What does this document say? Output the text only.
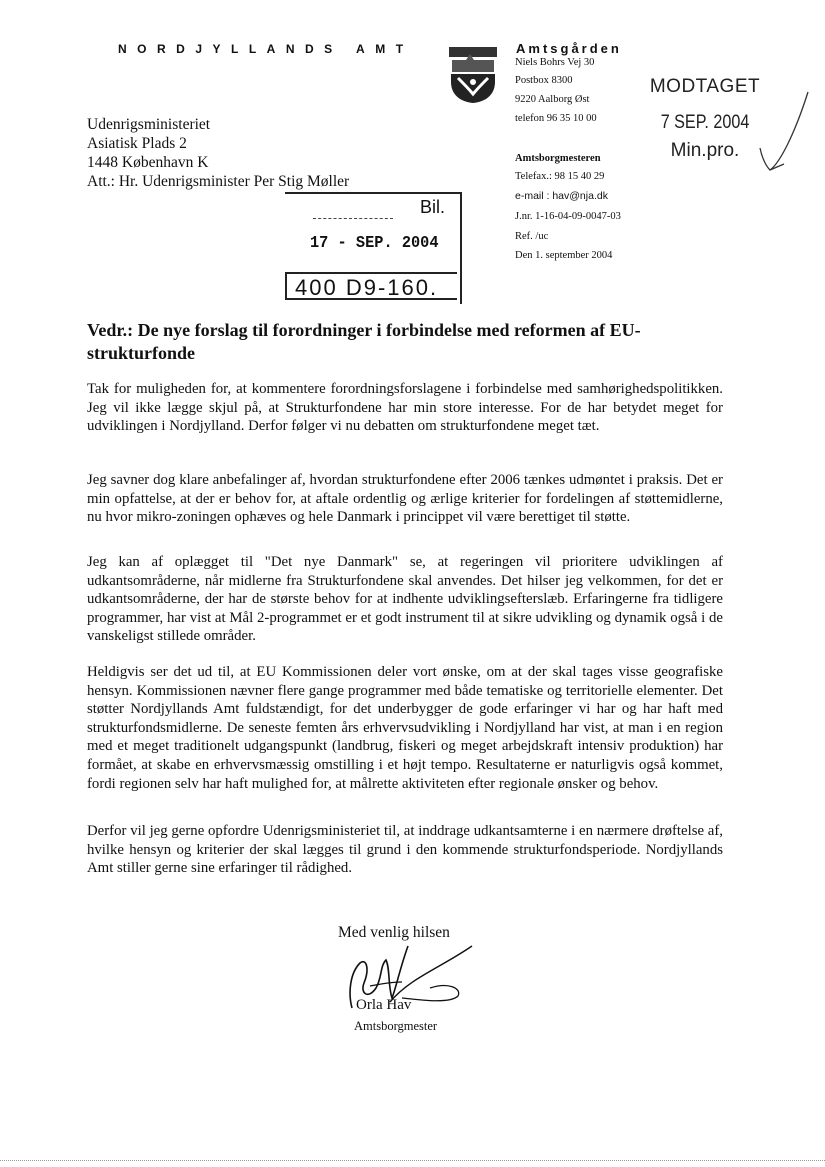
NORDJYLLANDS AMT	Amtsgården
Niels Bohrs Vej 30
Postbox 8300
9220 Aalborg Øst
telefon 96 35 10 00
Amtsborgmesteren
Telefax.: 98 15 40 29
e-mail : hav@nja.dk
J.nr. 1-16-04-09-0047-03
Ref. /uc
Den 1. september 2004
MODTAGET
7 SEP. 2004
Min.pro.
Udenrigsministeriet
Asiatisk Plads 2
1448 København K
Att.: Hr. Udenrigsminister Per Stig Møller
Bil.
17 - SEP. 2004
400 D9-160.
Vedr.: De nye forslag til forordninger i forbindelse med reformen af EU-strukturfonde
Tak for muligheden for, at kommentere forordningsforslagene i forbindelse med samhørighedspolitikken. Jeg vil ikke lægge skjul på, at Strukturfondene har min store interesse. For de har betydet meget for udviklingen i Nordjylland. Derfor følger vi nu debatten om strukturfondene meget tæt.
Jeg savner dog klare anbefalinger af, hvordan strukturfondene efter 2006 tænkes udmøntet i praksis. Det er min opfattelse, at der er behov for, at aftale ordentlig og ærlige kriterier for fordelingen af støttemidlerne, nu hvor mikro-zoningen ophæves og hele Danmark i princippet vil være berettiget til støtte.
Jeg kan af oplægget til "Det nye Danmark" se, at regeringen vil prioritere udviklingen af udkantsområderne, når midlerne fra Strukturfondene skal anvendes. Det hilser jeg velkommen, for det er udkantsområderne, der har de største behov for at indhente udviklingsefterslæb. Erfaringerne fra tidligere programmer, har vist at Mål 2-programmet er et godt instrument til at sikre udvikling og dynamik også i de vanskeligst stillede områder.
Heldigvis ser det ud til, at EU Kommissionen deler vort ønske, om at der skal tages visse geografiske hensyn. Kommissionen nævner flere gange programmer med både tematiske og territorielle elementer. Det støtter Nordjyllands Amt fuldstændigt, for det underbygger de gode erfaringer vi har og har haft med strukturfondsmidlerne. De seneste femten års erhvervsudvikling i Nordjylland har vist, at man i en region med et meget traditionelt udgangspunkt (landbrug, fiskeri og meget arbejdskraft intensiv produktion) har formået, at skabe en erhvervsmæssig omstilling i et højt tempo. Resultaterne er naturligvis også kommet, fordi regionen selv har haft mulighed for, at målrette aktiviteten efter regionale ønsker og behov.
Derfor vil jeg gerne opfordre Udenrigsministeriet til, at inddrage udkantsamterne i en nærmere drøftelse af, hvilke hensyn og kriterier der skal lægges til grund i den kommende strukturfondsperiode. Nordjyllands Amt stiller gerne sine erfaringer til rådighed.
Med venlig hilsen
Orla Hav
Amtsborgmester
